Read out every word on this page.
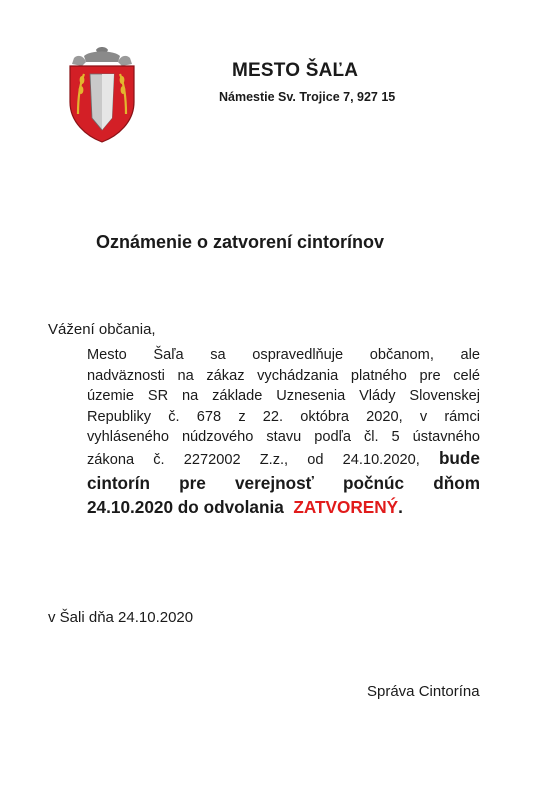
MESTO ŠAĽA
Námestie Sv. Trojice 7, 927 15
Oznámenie o zatvorení cintorínov
Vážení občania,
Mesto Šaľa sa ospravedlňuje občanom, ale
nadväznosti na zákaz vychádzania platného pre celé
územie SR na základe Uznesenia Vlády Slovenskej
Republiky č. 678 z 22. októbra 2020, v rámci
vyhláseného núdzového stavu podľa čl. 5 ústavného
zákona č. 2272002 Z.z., od 24.10.2020, bude
cintorín pre verejnosť počnúc dňom
24.10.2020 do odvolania ZATVORENÝ.
v Šali dňa 24.10.2020
Správa Cintorína
